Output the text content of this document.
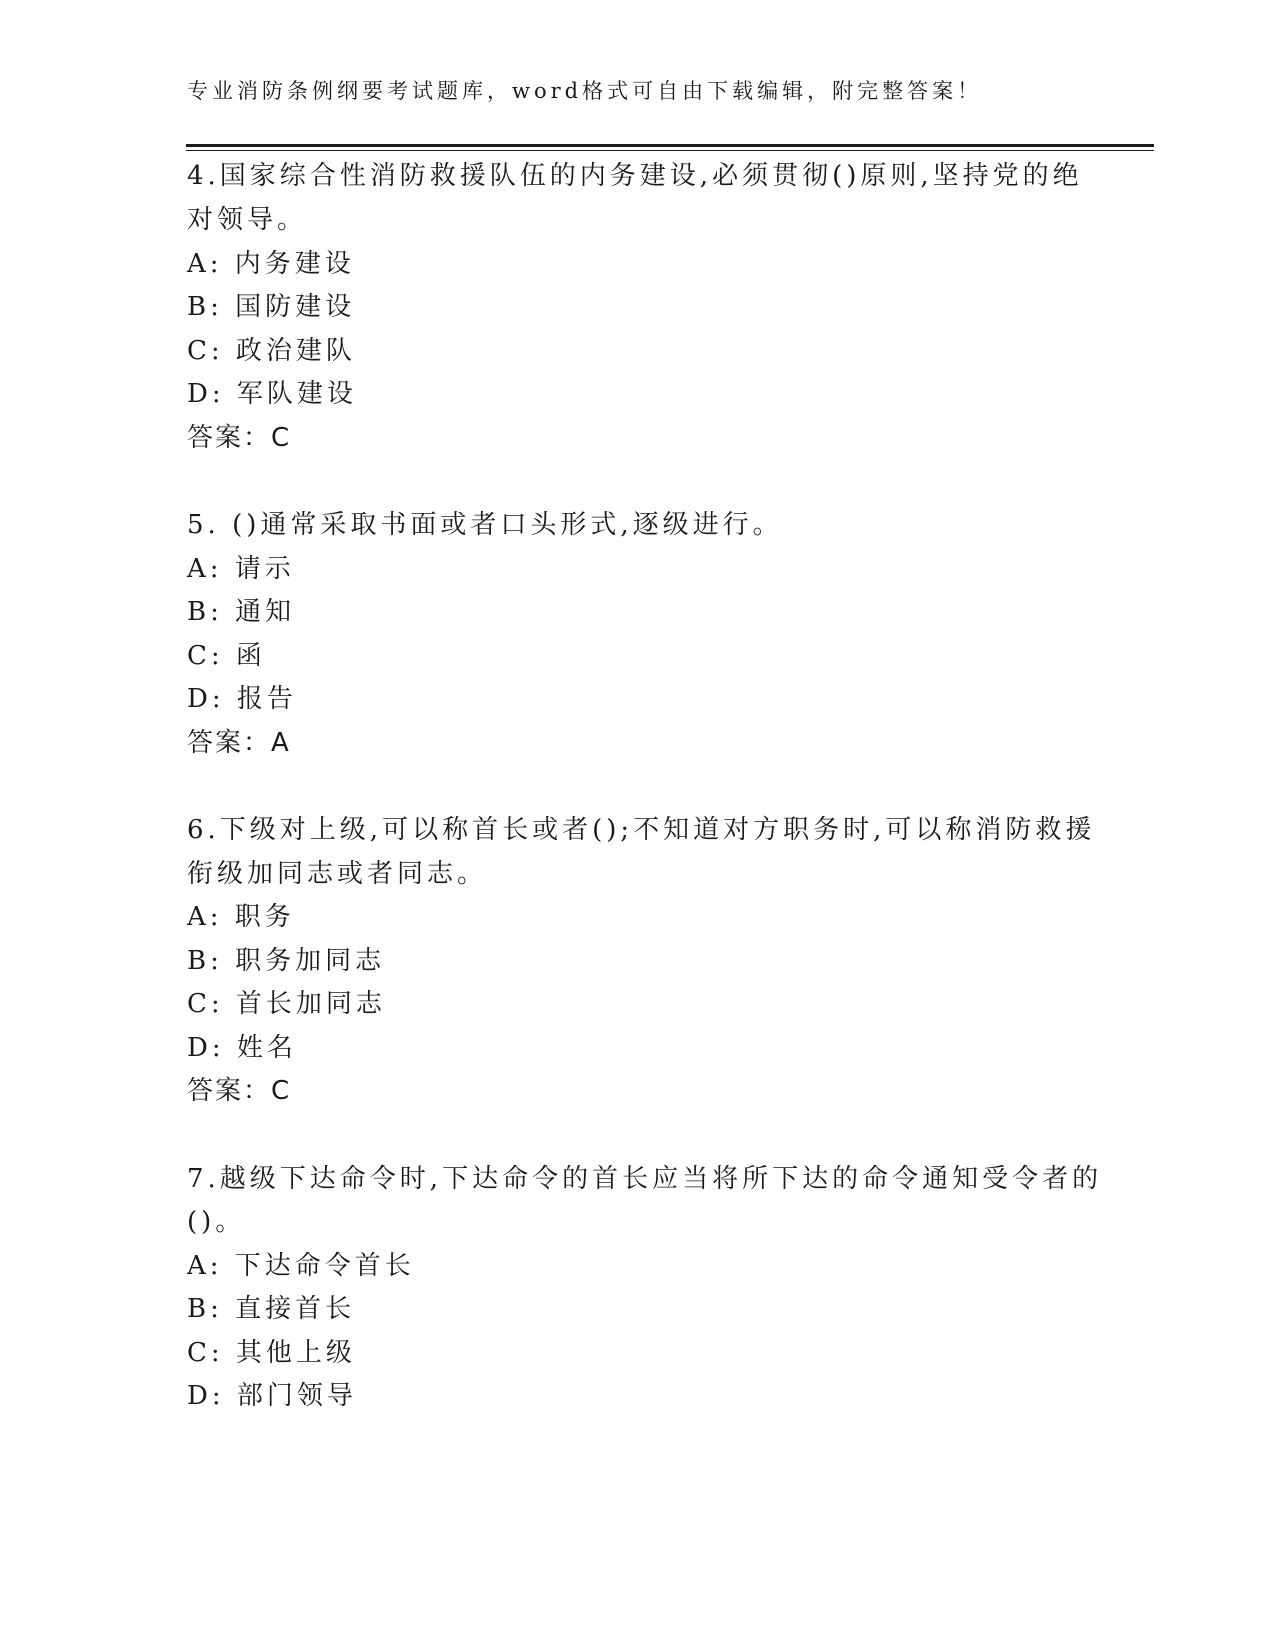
专业消防条例纲要考试题库，word格式可自由下载编辑，附完整答案！
4.国家综合性消防救援队伍的内务建设,必须贯彻()原则,坚持党的绝
对领导。
A: 内务建设
B: 国防建设
C: 政治建队
D: 军队建设
答案：C
5. ()通常采取书面或者口头形式,逐级进行。
A: 请示
B: 通知
C: 函
D: 报告
答案：A
6.下级对上级,可以称首长或者();不知道对方职务时,可以称消防救援
衔级加同志或者同志。
A: 职务
B: 职务加同志
C: 首长加同志
D: 姓名
答案：C
7.越级下达命令时,下达命令的首长应当将所下达的命令通知受令者的
()。
A: 下达命令首长
B: 直接首长
C: 其他上级
D: 部门领导
